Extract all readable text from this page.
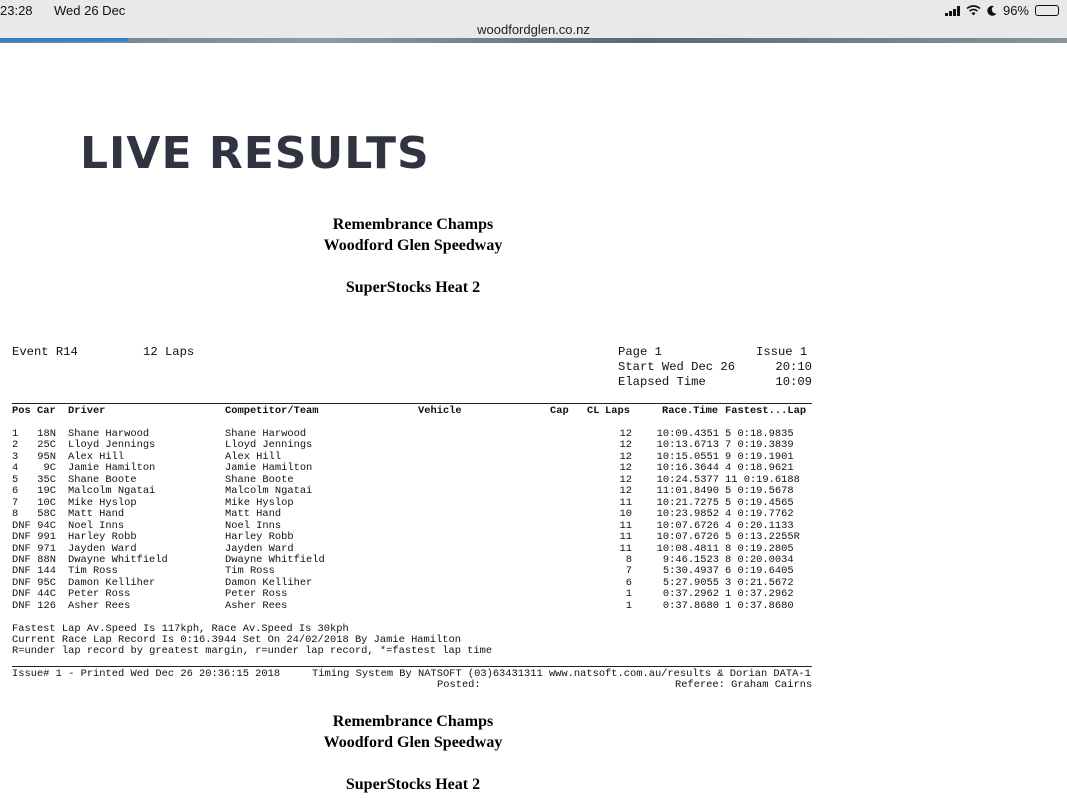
23:28 Wed 26 Dec	96%
woodfordglen.co.nz
LIVE RESULTS
Remembrance Champs
Woodford Glen Speedway
SuperStocks Heat 2
Event R14	12 Laps	Page 1	Issue 1
Start Wed Dec 26	20:10
Elapsed Time	10:09
Pos Car Driver	Competitor/Team	Vehicle	Cap CL Laps	Race.Time Fastest...Lap
1	18N Shane Harwood	Shane Harwood	12	10:09.4351 5 0:18.9835
2	25C Lloyd Jennings	Lloyd Jennings	12	10:13.6713 7 0:19.3839
3	95N Alex Hill	Alex Hill	12	10:15.0551 9 0:19.1901
4	9C Jamie Hamilton	Jamie Hamilton	12	10:16.3644 4 0:18.9621
5	35C Shane Boote	Shane Boote	12	10:24.5377 11 0:19.6188
6	19C Malcolm Ngatai	Malcolm Ngatai	12	11:01.8490 5 0:19.5678
7	10C Mike Hyslop	Mike Hyslop	11	10:21.7275 5 0:19.4565
8	58C Matt Hand	Matt Hand	10	10:23.9852 4 0:19.7762
DNF 94C Noel Inns	Noel Inns	11	10:07.6726 4 0:20.1133
DNF 991 Harley Robb	Harley Robb	11	10:07.6726 5 0:13.2255R
DNF 971 Jayden Ward	Jayden Ward	11	10:08.4811 8 0:19.2805
DNF 88N Dwayne Whitfield	Dwayne Whitfield	8	9:46.1523 8 0:20.0034
DNF 144 Tim Ross	Tim Ross	7	5:30.4937 6 0:19.6405
DNF 95C Damon Kelliher	Damon Kelliher	6	5:27.9055 3 0:21.5672
DNF 44C Peter Ross	Peter Ross	1	0:37.2962 1 0:37.2962
DNF 126 Asher Rees	Asher Rees	1	0:37.8680 1 0:37.8680
Fastest Lap Av.Speed Is 117kph, Race Av.Speed Is 30kph
Current Race Lap Record Is 0:16.3944 Set On 24/02/2018 By Jamie Hamilton
R=under lap record by greatest margin, r=under lap record, *=fastest lap time
Issue# 1 - Printed Wed Dec 26 20:36:15 2018	Timing System By NATSOFT (03)63431311 www.natsoft.com.au/results & Dorian DATA-1
Posted:	Referee: Graham Cairns
Remembrance Champs
Woodford Glen Speedway
SuperStocks Heat 2
